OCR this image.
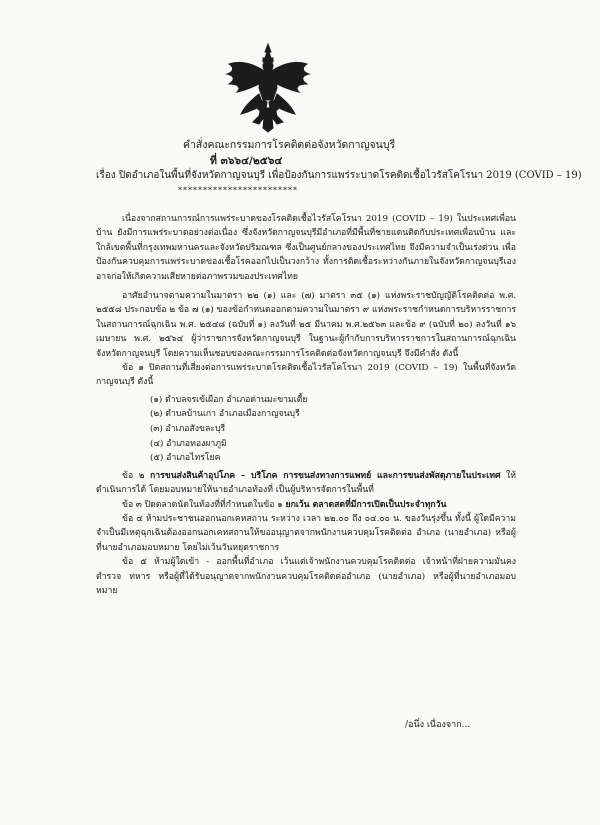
คำสั่งคณะกรรมการโรคติดต่อจังหวัดกาญจนบุรี
ที่ ๓๖๖๔/๒๕๖๔
เรื่อง ปิดอำเภอในพื้นที่จังหวัดกาญจนบุรี เพื่อป้องกันการแพร่ระบาดโรคติดเชื้อไวรัสโคโรนา 2019 (COVID – 19)
************************

เนื่องจากสถานการณ์การแพร่ระบาดของโรคติดเชื้อไวรัสโคโรนา 2019 (COVID – 19) ในประเทศเพื่อนบ้าน ยังมีการแพร่ระบาดอย่างต่อเนื่อง ซึ่งจังหวัดกาญจนบุรีมีอำเภอที่มีพื้นที่ชายแดนติดกับประเทศเพื่อนบ้าน และใกล้เขตพื้นที่กรุงเทพมหานครและจังหวัดปริมณฑล ซึ่งเป็นศูนย์กลางของประเทศไทย จึงมีความจำเป็นเร่งด่วน เพื่อป้องกันควบคุมการแพร่ระบาดของเชื้อโรคออกไปเป็นวงกว้าง ทั้งการติดเชื้อระหว่างกันภายในจังหวัดกาญจนบุรีเอง อาจก่อให้เกิดความเสียหายต่อภาพรวมของประเทศไทย

อาศัยอำนาจตามความในมาตรา ๒๒ (๑) และ (๗) มาตรา ๓๕ (๑) แห่งพระราชบัญญัติโรคติดต่อ พ.ศ. ๒๕๕๘ ประกอบข้อ ๒ ข้อ ๗ (๑) ของข้อกำหนดออกตามความในมาตรา ๙ แห่งพระราชกำหนดการบริหารราชการในสถานการณ์ฉุกเฉิน พ.ศ. ๒๕๔๘ (ฉบับที่ ๑) ลงวันที่ ๒๕ มีนาคม พ.ศ.๒๕๖๓ และข้อ ๙ (ฉบับที่ ๒๐) ลงวันที่ ๑๖ เมษายน พ.ศ. ๒๕๖๔ ผู้ว่าราชการจังหวัดกาญจนบุรี ในฐานะผู้กำกับการบริหารราชการในสถานการณ์ฉุกเฉินจังหวัดกาญจนบุรี โดยความเห็นชอบของคณะกรรมการโรคติดต่อจังหวัดกาญจนบุรี จึงมีคำสั่ง ดังนี้

ข้อ ๑ ปิดสถานที่เสี่ยงต่อการแพร่ระบาดโรคติดเชื้อไวรัสโคโรนา 2019 (COVID – 19) ในพื้นที่จังหวัดกาญจนบุรี ดังนี้

(๑) ตำบลจรเข้เผือก อำเภอด่านมะขามเตี้ย
(๒) ตำบลบ้านเก่า อำเภอเมืองกาญจนบุรี
(๓) อำเภอสังขละบุรี
(๔) อำเภอทองผาภูมิ
(๕) อำเภอไทรโยค

ข้อ ๒ การขนส่งสินค้าอุปโภค – บริโภค การขนส่งทางการแพทย์ และการขนส่งพัสดุภายในประเทศ ให้ดำเนินการได้ โดยมอบหมายให้นายอำเภอท้องที่ เป็นผู้บริหารจัดการในพื้นที่

ข้อ ๓ ปิดตลาดนัดในท้องที่ที่กำหนดในข้อ ๑ ยกเว้น ตลาดสดที่มีการเปิดเป็นประจำทุกวัน

ข้อ ๔ ห้ามประชาชนออกนอกเคหสถาน ระหว่าง เวลา ๒๒.๐๐ ถึง ๐๔.๐๐ น. ของวันรุ่งขึ้น ทั้งนี้ ผู้ใดมีความจำเป็นมีเหตุฉุกเฉินต้องออกนอกเคหสถานให้ขออนุญาตจากพนักงานควบคุมโรคติดต่อ อำเภอ (นายอำเภอ) หรือผู้ที่นายอำเภอมอบหมาย โดยไม่เว้นวันหยุดราชการ

ข้อ ๕ ห้ามผู้ใดเข้า - ออกพื้นที่อำเภอ เว้นแต่เจ้าพนักงานควบคุมโรคติดต่อ เจ้าหน้าที่ฝ่ายความมั่นคง ตำรวจ ทหาร หรือผู้ที่ได้รับอนุญาตจากพนักงานควบคุมโรคติดต่ออำเภอ (นายอำเภอ) หรือผู้ที่นายอำเภอมอบหมาย

/อนึ่ง เนื่องจาก...
